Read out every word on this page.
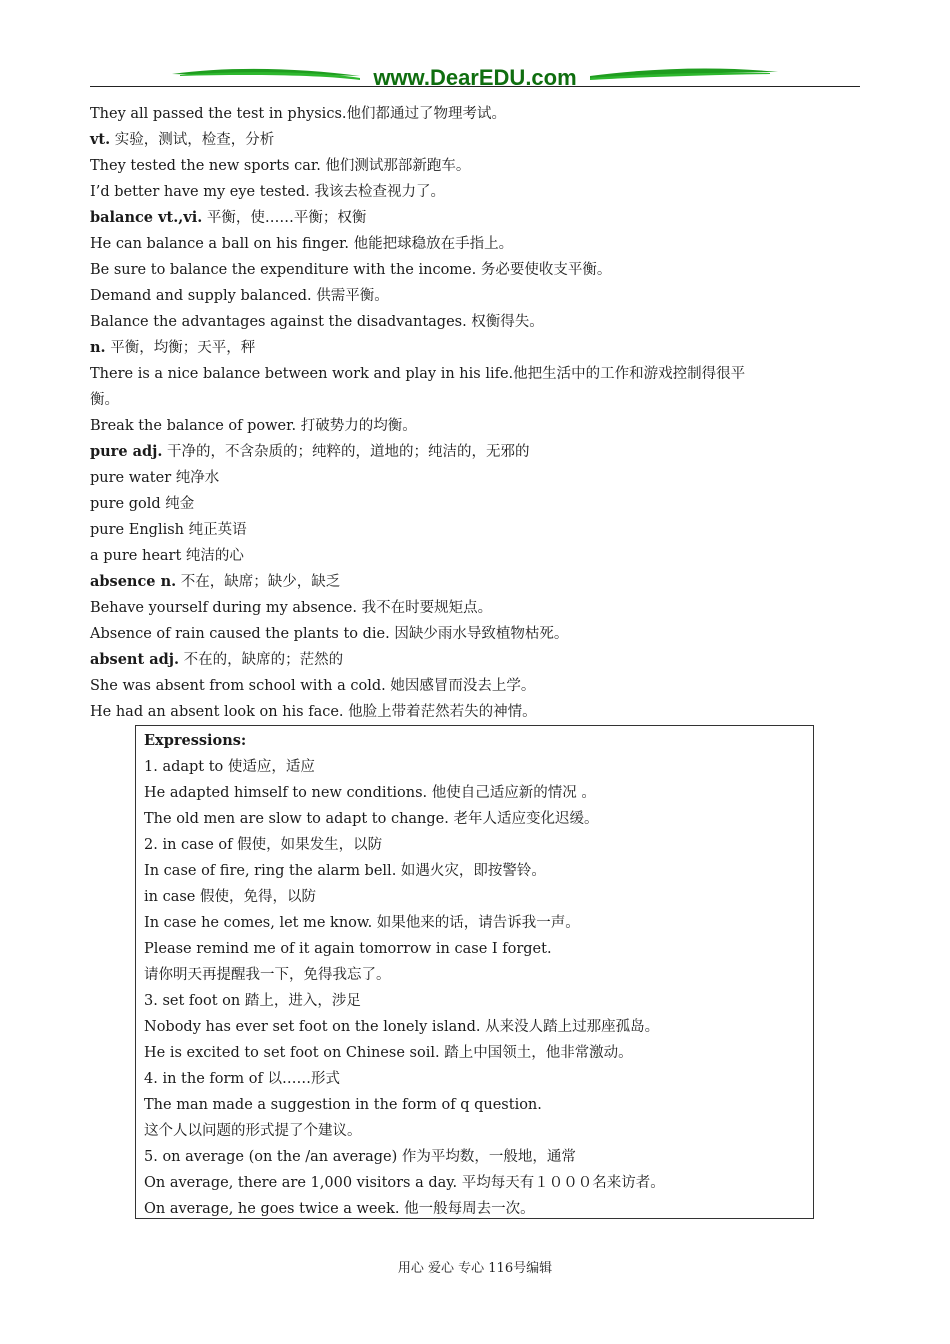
www.DearEDU.com
They all passed the test in physics.他们都通过了物理考试。
vt. 实验，测试，检查，分析
They tested the new sports car. 他们测试那部新跑车。
I’d better have my eye tested. 我该去检查视力了。
balance vt.,vi. 平衡，使……平衡；权衡
He can balance a ball on his finger. 他能把球稳放在手指上。
Be sure to balance the expenditure with the income. 务必要使收支平衡。
Demand and supply balanced. 供需平衡。
Balance the advantages against the disadvantages. 权衡得失。
n. 平衡，均衡；天平，秤
There is a nice balance between work and play in his life.他把生活中的工作和游戏控制得很平
衡。
Break the balance of power. 打破势力的均衡。
pure adj. 干净的，不含杂质的；纯粹的，道地的；纯洁的，无邪的
pure water 纯净水
pure gold 纯金
pure English 纯正英语
a pure heart 纯洁的心
absence n. 不在，缺席；缺少，缺乏
Behave yourself during my absence. 我不在时要规矩点。
Absence of rain caused the plants to die. 因缺少雨水导致植物枯死。
absent adj. 不在的，缺席的；茫然的
She was absent from school with a cold. 她因感冒而没去上学。
He had an absent look on his face. 他脸上带着茫然若失的神情。
Expressions:
1. adapt to 使适应，适应
He adapted himself to new conditions. 他使自己适应新的情况 。
The old men are slow to adapt to change. 老年人适应变化迟缓。
2. in case of 假使，如果发生，以防
In case of fire, ring the alarm bell. 如遇火灾，即按警铃。
in case 假使，免得，以防
In case he comes, let me know. 如果他来的话，请告诉我一声。
Please remind me of it again tomorrow in case I forget.
请你明天再提醒我一下，免得我忘了。
3. set foot on 踏上，进入，涉足
Nobody has ever set foot on the lonely island. 从来没人踏上过那座孤岛。
He is excited to set foot on Chinese soil. 踏上中国领土，他非常激动。
4. in the form of 以……形式
The man made a suggestion in the form of q question.
这个人以问题的形式提了个建议。
5. on average (on the /an average) 作为平均数，一般地，通常
On average, there are 1,000 visitors a day. 平均每天有１０００名来访者。
On average, he goes twice a week. 他一般每周去一次。
用心 爱心 专心 116号编辑
